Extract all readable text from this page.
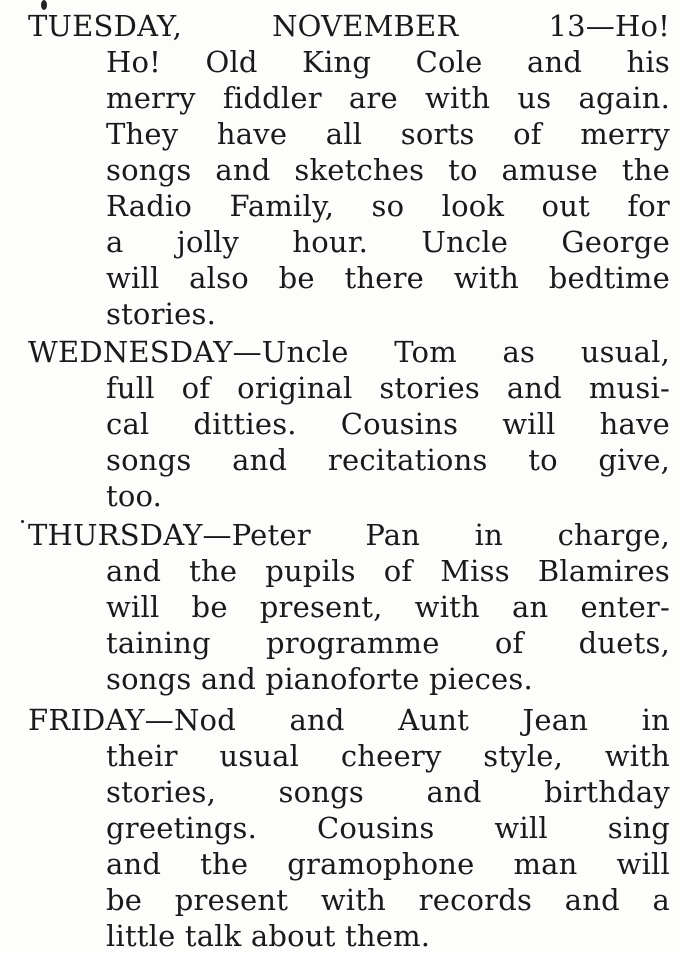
TUESDAY, NOVEMBER 13—Ho!
Ho! Old King Cole and his
merry fiddler are with us again.
They have all sorts of merry
songs and sketches to amuse the
Radio Family, so look out for
a jolly hour. Uncle George
will also be there with bedtime
stories.
WEDNESDAY—Uncle Tom as usual,
full of original stories and musi-
cal ditties. Cousins will have
songs and recitations to give,
too.
THURSDAY—Peter Pan in charge,
and the pupils of Miss Blamires
will be present, with an enter-
taining programme of duets,
songs and pianoforte pieces.
FRIDAY—Nod and Aunt Jean in
their usual cheery style, with
stories, songs and birthday
greetings. Cousins will sing
and the gramophone man will
be present with records and a
little talk about them.
